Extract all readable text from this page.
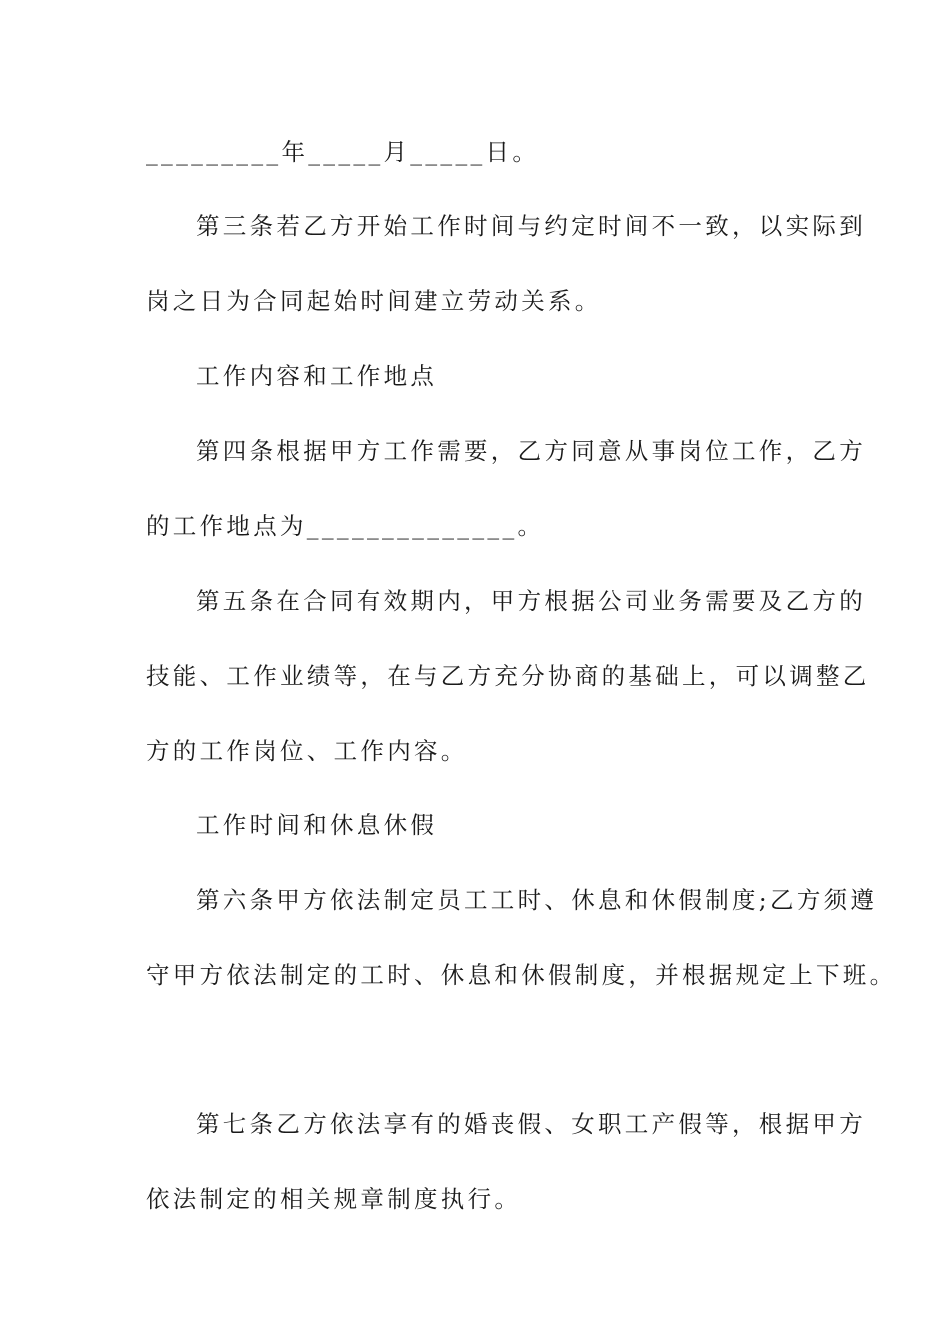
_________年_____月_____日。
第三条若乙方开始工作时间与约定时间不一致，以实际到
岗之日为合同起始时间建立劳动关系。
工作内容和工作地点
第四条根据甲方工作需要，乙方同意从事岗位工作，乙方
的工作地点为______________。
第五条在合同有效期内，甲方根据公司业务需要及乙方的
技能、工作业绩等，在与乙方充分协商的基础上，可以调整乙
方的工作岗位、工作内容。
工作时间和休息休假
第六条甲方依法制定员工工时、休息和休假制度;乙方须遵
守甲方依法制定的工时、休息和休假制度，并根据规定上下班。
第七条乙方依法享有的婚丧假、女职工产假等，根据甲方
依法制定的相关规章制度执行。
